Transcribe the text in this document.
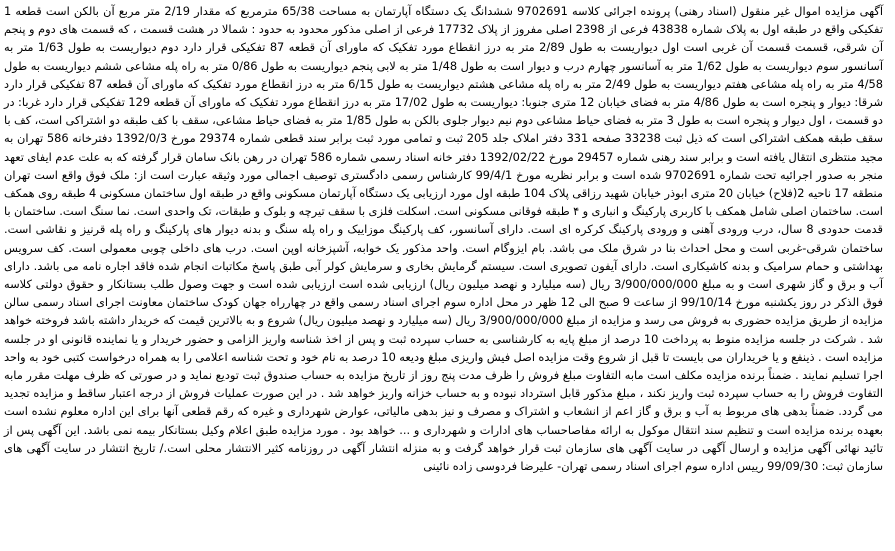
آگهی مزایده اموال غیر منقول (اسناد رهنی) پرونده اجرائی کلاسه 9702691 ششدانگ یک دستگاه آپارتمان به مساحت 65/38 مترمربع که مقدار 2/19 متر مربع آن بالکن است قطعه 1 تفکیکی واقع در طبقه اول به پلاک شماره 43838 فرعی از 2398 اصلی مفروز از پلاک 17732 فرعی از اصلی مذکور محدود به حدود : شمالا در هشت قسمت ، که قسمت های دوم و پنجم آن شرقی، قسمت قسمت آن غربی است اول دیواریست به طول 2/89 متر به درز انقطاع مورد تفکیک که ماورای آن قطعه 87 تفکیکی قرار دارد دوم دیواریست به طول 1/63 متر به آسانسور سوم دیواریست به طول 1/62 متر به آسانسور چهارم درب و دیوار است به طول 1/48 متر به لابی پنجم دیواریست به طول 0/86 متر به راه پله مشاعی ششم دیواریست به طول 4/58 متر به راه پله مشاعی هفتم دیواریست به طول 2/49 متر به راه پله مشاعی هشتم دیواریست به طول 6/15 متر به درز انقطاع مورد تفکیک که ماورای آن قطعه 87 تفکیکی قرار دارد شرقا: دیوار و پنجره است به طول 4/86 متر به فضای خیابان 12 متری جنوبا: دیواریست به طول 17/02 متر به درز انقطاع مورد تفکیک که ماورای آن قطعه 129 تفکیکی قرار دارد غربا: در دو قسمت ، اول دیوار و پنجره است به طول 3 متر به فضای حیاط مشاعی دوم نیم دیوار جلوی بالکن به طول 1/85 متر به فضای حیاط مشاعی، سقف با کف طبقه دو اشتراکی است، کف با سقف طبقه همکف اشتراکی است که ذیل ثبت 33238 صفحه 331 دفتر املاک جلد 205 ثبت و تمامی مورد ثبت برابر سند قطعی شماره 29374 مورخ 1392/0/3 دفترخانه 586 تهران به مجید منتظری انتقال یافته است و برابر سند رهنی شماره 29457 مورخ 1392/02/22 دفتر خانه اسناد رسمی شماره 586 تهران در رهن بانک سامان قرار گرفته که به علت عدم ایفای تعهد منجر به صدور اجرائیه تحت شماره 9702691 شده است و برابر نظریه مورخ 99/4/1 کارشناس رسمی دادگستری توصیف اجمالی مورد وثیقه عبارت است از: ملک فوق واقع است تهران منطقه 17 ناحیه 2(فلاح) خیابان 20 متری ابوذر خیابان شهید رزاقی پلاک 104 طبقه اول مورد ارزیابی یک دستگاه آپارتمان مسکونی واقع در طبقه اول ساختمان مسکونی 4 طبقه روی همکف است. ساختمان اصلی شامل همکف با کاربری پارکینگ و انباری و ۴ طبقه فوقانی مسکونی است. اسکلت فلزی با سقف تیرچه و بلوک و طبقات، تک واحدی است. نما سنگ است. ساختمان با قدمت حدودی 8 سال، درب ورودی آهنی و ورودی پارکینگ کرکره ای است. دارای آسانسور، کف پارکینگ موزاییک و راه پله سنگ و بدنه دیوار های پارکینگ و راه پله قرنیز و نقاشی است. ساختمان شرقی-غربی است و محل احداث بنا در شرق ملک می باشد. بام ایزوگام است. واحد مذکور یک خوابه، آشپزخانه اوپن است. درب های داخلی چوبی معمولی است. کف سرویس بهداشتی و حمام سرامیک و بدنه کاشیکاری است. دارای آیفون تصویری است. سیستم گرمایش بخاری و سرمایش کولر آبی طبق پاسخ مکاتبات انجام شده فاقد اجاره نامه می باشد. دارای آب و برق و گاز شهری است و به مبلغ 3/900/000/000 ریال (سه میلیارد و نهصد میلیون ریال) ارزیابی شده است ارزیابی شده است و جهت وصول طلب بستانکار و حقوق دولتی کلاسه فوق الذکر در روز یکشنبه مورخ 99/10/14 از ساعت 9 صبح الی 12 ظهر در محل اداره سوم اجرای اسناد رسمی واقع در چهارراه جهان کودک ساختمان معاونت اجرای اسناد رسمی سالن مزایده از طریق مزایده حضوری به فروش می رسد و مزایده از مبلغ 3/900/000/000 ریال (سه میلیارد و نهصد میلیون ریال) شروع و به بالاترین قیمت که خریدار داشته باشد فروخته خواهد شد . شرکت در جلسه مزایده منوط به پرداخت 10 درصد از مبلغ پایه به کارشناسی به حساب سپرده ثبت و پس از اخذ شناسه واریز الزامی و حضور خریدار و یا نماینده قانونی او در جلسه مزایده است . ذینفع و یا خریداران می بایست تا قبل از شروع وقت مزایده اصل فیش واریزی مبلغ ودیعه 10 درصد به نام خود و تحت شناسه اعلامی را به همراه درخواست کتبی خود به واحد اجرا تسلیم نمایند . ضمناً برنده مزایده مکلف است مابه التفاوت مبلغ فروش را ظرف مدت پنج روز از تاریخ مزایده به حساب صندوق ثبت تودیع نماید و در صورتی که ظرف مهلت مقرر مابه التفاوت فروش را به حساب سپرده ثبت واریز نکند ، مبلغ مذکور قابل استرداد نبوده و به حساب خزانه واریز خواهد شد . در این صورت عملیات فروش از درجه اعتبار ساقط و مزایده تجدید می گردد. ضمناً بدهی های مربوط به آب و برق و گاز اعم از انشعاب و اشتراک و مصرف و نیز بدهی مالیاتی، عوارض شهرداری و غیره که رقم قطعی آنها برای این اداره معلوم نشده است بعهده برنده مزایده است و تنظیم سند انتقال موکول به ارائه مفاصاحساب های ادارات و شهرداری و ... خواهد بود . مورد مزایده طبق اعلام وکیل بستانکار بیمه نمی باشد. این آگهی پس از تائید نهائی آگهی مزایده و ارسال آگهی در سایت آگهی های سازمان ثبت قرار خواهد گرفت و به منزله انتشار آگهی در روزنامه کثیر الانتشار محلی است./ تاریخ انتشار در سایت آگهی های سازمان ثبت: 99/09/30 رییس اداره سوم اجرای اسناد رسمی تهران- علیرضا فردوسی زاده نائینی
